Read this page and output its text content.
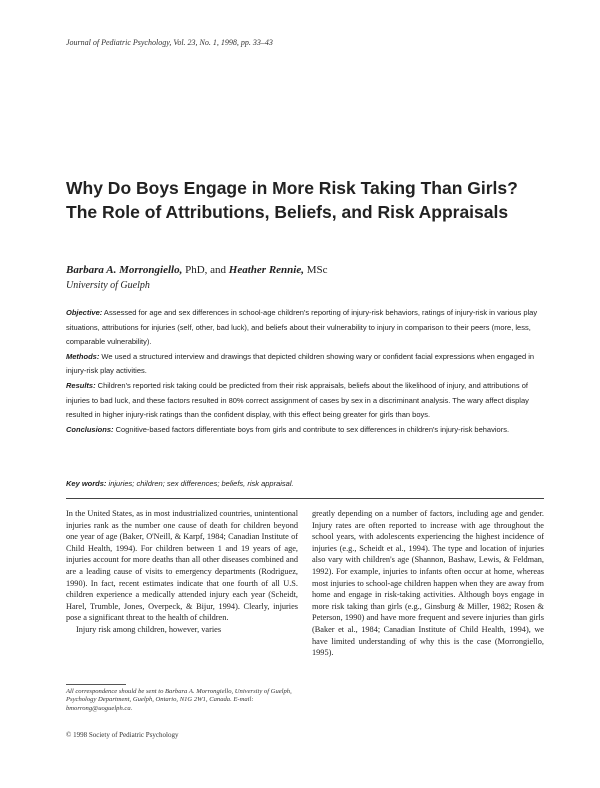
Journal of Pediatric Psychology, Vol. 23, No. 1, 1998, pp. 33–43
Why Do Boys Engage in More Risk Taking Than Girls? The Role of Attributions, Beliefs, and Risk Appraisals
Barbara A. Morrongiello, PhD, and Heather Rennie, MSc
University of Guelph

Objective: Assessed for age and sex differences in school-age children's reporting of injury-risk behaviors, ratings of injury-risk in various play situations, attributions for injuries (self, other, bad luck), and beliefs about their vulnerability to injury in comparison to their peers (more, less, comparable vulnerability).

Methods: We used a structured interview and drawings that depicted children showing wary or confident facial expressions when engaged in injury-risk play activities.

Results: Children's reported risk taking could be predicted from their risk appraisals, beliefs about the likelihood of injury, and attributions of injuries to bad luck, and these factors resulted in 80% correct assignment of cases by sex in a discriminant analysis. The wary affect display resulted in higher injury-risk ratings than the confident display, with this effect being greater for girls than boys.

Conclusions: Cognitive-based factors differentiate boys from girls and contribute to sex differences in children's injury-risk behaviors.

Key words: injuries; children; sex differences; beliefs, risk appraisal.

In the United States, as in most industrialized countries, unintentional injuries rank as the number one cause of death for children beyond one year of age (Baker, O'Neill, & Karpf, 1984; Canadian Institute of Child Health, 1994). For children between 1 and 19 years of age, injuries account for more deaths than all other diseases combined and are a leading cause of visits to emergency departments (Rodriguez, 1990). In fact, recent estimates indicate that one fourth of all U.S. children experience a medically attended injury each year (Scheidt, Harel, Trumble, Jones, Overpeck, & Bijur, 1994). Clearly, injuries pose a significant threat to the health of children.

Injury risk among children, however, varies

greatly depending on a number of factors, including age and gender. Injury rates are often reported to increase with age throughout the school years, with adolescents experiencing the highest incidence of injuries (e.g., Scheidt et al., 1994). The type and location of injuries also vary with children's age (Shannon, Bashaw, Lewis, & Feldman, 1992). For example, injuries to infants often occur at home, whereas most injuries to school-age children happen when they are away from home and engage in risk-taking activities. Although boys engage in more risk taking than girls (e.g., Ginsburg & Miller, 1982; Rosen & Peterson, 1990) and have more frequent and severe injuries than girls (Baker et al., 1984; Canadian Institute of Child Health, 1994), we have limited understanding of why this is the case (Morrongiello, 1995).

All correspondence should be sent to Barbara A. Morrongiello, University of Guelph, Psychology Department, Guelph, Ontario, N1G 2W1, Canada. E-mail: bmorrong@uoguelph.ca.
© 1998 Society of Pediatric Psychology
